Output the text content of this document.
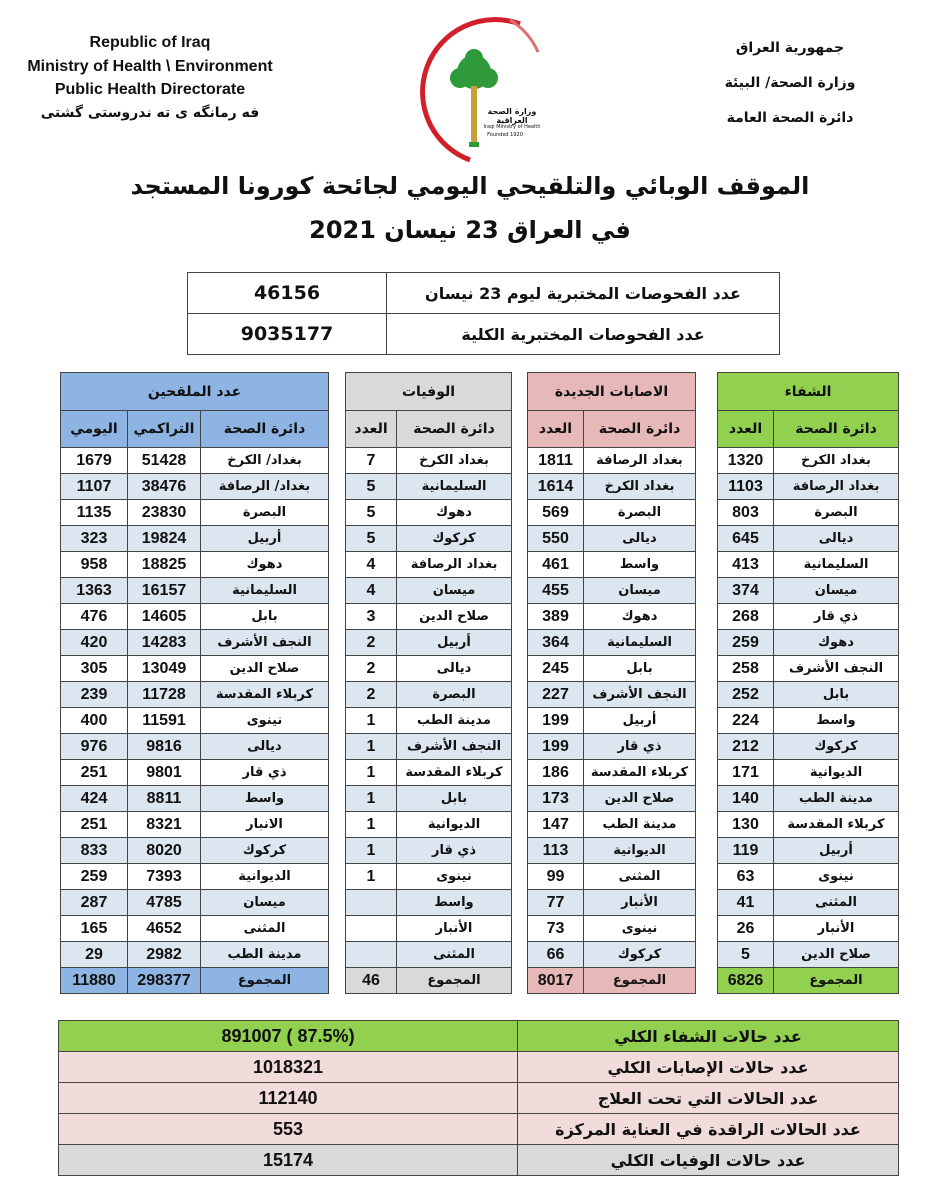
Republic of Iraq
Ministry of Health \ Environment
Public Health Directorate
فه رمانگه ى ته ندروستى گشتى	وزارة الصحة العراقية
Iraqi Ministry of Health
Founded 1920
جمهورية العراق
وزارة الصحة/ البيئة
دائرة الصحة العامة
الموقف الوبائي والتلقيحي اليومي لجائحة كورونا المستجد
في العراق 23 نيسان 2021
عدد الفحوصات المختبرية ليوم 23 نيسان	46156
عدد الفحوصات المختبرية الكلية	9035177
الشفاء	
دائرة الصحة	العدد
بغداد الكرخ	1320
بغداد الرصافة	1103
البصرة	803
ديالى	645
السليمانية	413
ميسان	374
ذي قار	268
دهوك	259
النجف الأشرف	258
بابل	252
واسط	224
كركوك	212
الديوانية	171
مدينة الطب	140
كربلاء المقدسة	130
أربيل	119
نينوى	63
المثنى	41
الأنبار	26
صلاح الدين	5
المجموع	6826
الاصابات الجديدة	
دائرة الصحة	العدد
بغداد الرصافة	1811
بغداد الكرخ	1614
البصرة	569
ديالى	550
واسط	461
ميسان	455
دهوك	389
السليمانية	364
بابل	245
النجف الأشرف	227
أربيل	199
ذي قار	199
كربلاء المقدسة	186
صلاح الدين	173
مدينة الطب	147
الديوانية	113
المثنى	99
الأنبار	77
نينوى	73
كركوك	66
المجموع	8017
الوفيات	
دائرة الصحة	العدد
بغداد الكرخ	7
السليمانية	5
دهوك	5
كركوك	5
بغداد الرصافة	4
ميسان	4
صلاح الدين	3
أربيل	2
ديالى	2
البصرة	2
مدينة الطب	1
النجف الأشرف	1
كربلاء المقدسة	1
بابل	1
الديوانية	1
ذي قار	1
نينوى	1
واسط	
الأنبار	
المثنى	
المجموع	46
عدد الملقحين		
دائرة الصحة	التراكمي	اليومي
بغداد/ الكرخ	51428	1679
بغداد/ الرصافة	38476	1107
البصرة	23830	1135
أربيل	19824	323
دهوك	18825	958
السليمانية	16157	1363
بابل	14605	476
النجف الأشرف	14283	420
صلاح الدين	13049	305
كربلاء المقدسة	11728	239
نينوى	11591	400
ديالى	9816	976
ذي قار	9801	251
واسط	8811	424
الانبار	8321	251
كركوك	8020	833
الديوانية	7393	259
ميسان	4785	287
المثنى	4652	165
مدينة الطب	2982	29
المجموع	298377	11880
عدد حالات الشفاء الكلي	(87.5% ) 891007
عدد حالات الإصابات الكلي	1018321
عدد الحالات التي تحت العلاج	112140
عدد الحالات الراقدة في العناية المركزة	553
عدد حالات الوفيات الكلي	15174
